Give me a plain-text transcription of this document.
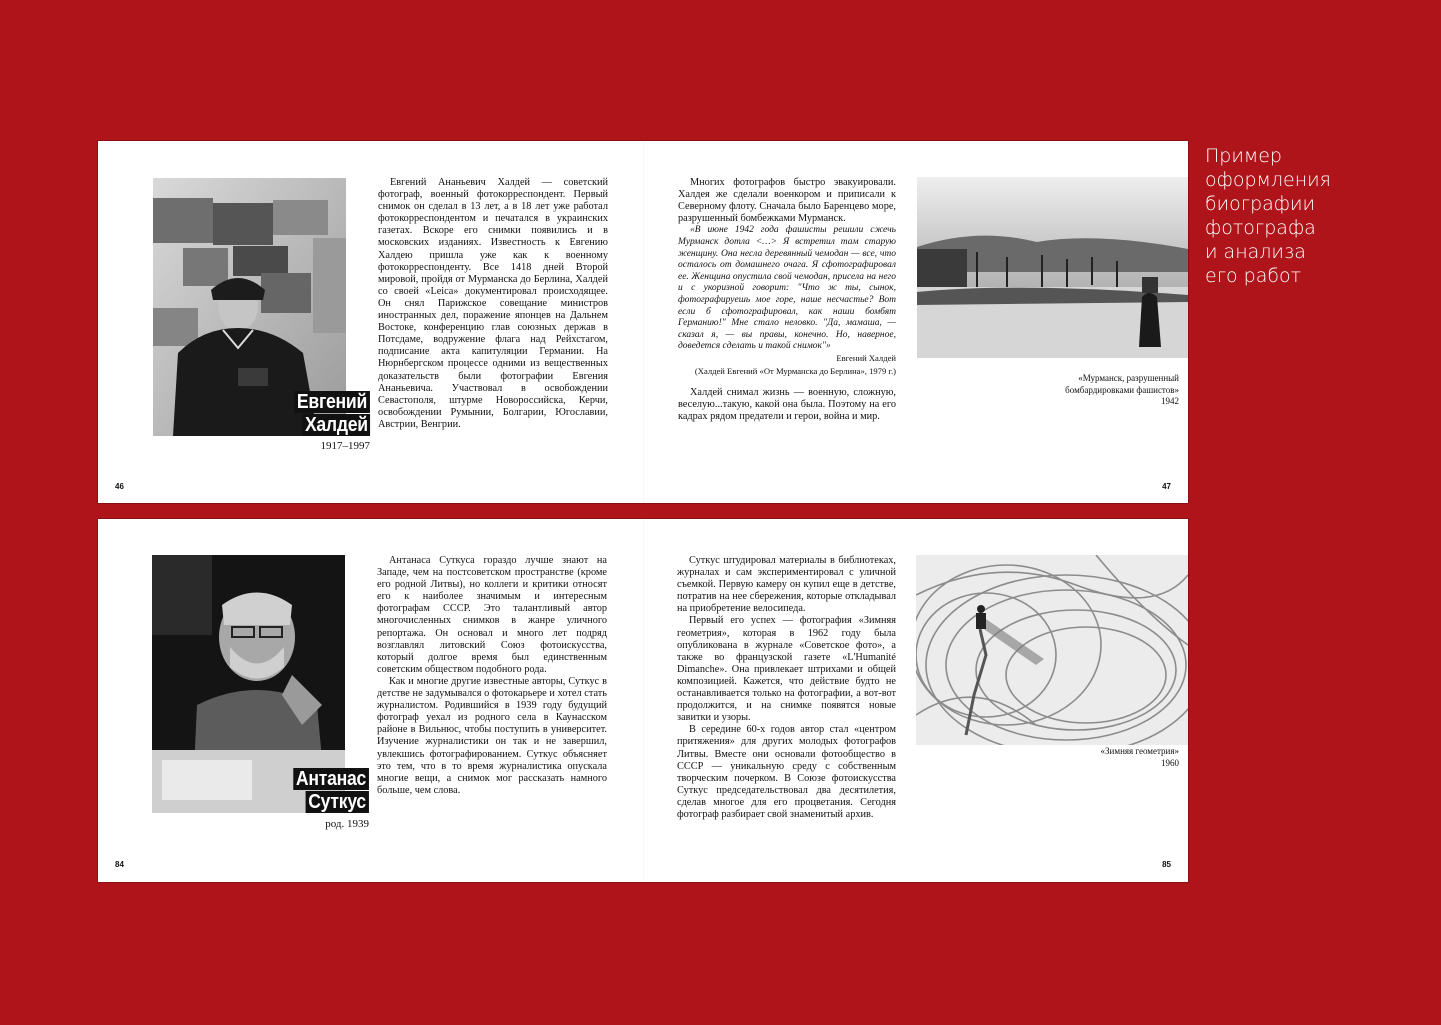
Пример
оформления
биографии
фотографа
и анализа
его работ
Евгений
Халдей
1917–1997

Евгений Ананьевич Халдей — советский фотограф, военный фотокорреспондент. Первый снимок он сделал в 13 лет, а в 18 лет уже работал фотокорреспондентом и печатался в украинских газетах. Вскоре его снимки появились и в московских изданиях. Известность к Евгению Халдею пришла уже как к военному фотокорреспонденту. Все 1418 дней Второй мировой, пройдя от Мурманска до Берлина, Халдей со своей «Leica» документировал происходящее. Он снял Парижское совещание министров иностранных дел, поражение японцев на Дальнем Востоке, конференцию глав союзных держав в Потсдаме, водружение флага над Рейхстагом, подписание акта капитуляции Германии. На Нюрнбергском процессе одними из вещественных доказательств были фотографии Евгения Ананьевича. Участвовал в освобождении Севастополя, штурме Новороссийска, Керчи, освобождении Румынии, Болгарии, Югославии, Австрии, Венгрии.

Многих фотографов быстро эвакуировали. Халдея же сделали военкором и приписали к Северному флоту. Сначала было Баренцево море, разрушенный бомбежками Мурманск.

«В июне 1942 года фашисты решили сжечь Мурманск дотла <…> Я встретил там старую женщину. Она несла деревянный чемодан — все, что осталось от домашнего очага. Я сфотографировал ее. Женщина опустила свой чемодан, присела на него и с укоризной говорит: "Что ж ты, сынок, фотографируешь мое горе, наше несчастье? Вот если б сфотографировал, как наши бомбят Германию!" Мне стало неловко. "Да, мамаша, — сказал я, — вы правы, конечно. Но, наверное, доведется сделать и такой снимок"»

Евгений Халдей

(Халдей Евгений «От Мурманска до Берлина», 1979 г.)

Халдей снимал жизнь — военную, сложную, веселую...такую, какой она была. Поэтому на его кадрах рядом предатели и герои, война и мир.

«Мурманск, разрушенный
бомбардировками фашистов»
1942
46	47
Антанас
Суткус
род. 1939

Антанаса Суткуса гораздо лучше знают на Западе, чем на постсоветском пространстве (кроме его родной Литвы), но коллеги и критики относят его к наиболее значимым и интересным фотографам СССР. Это талантливый автор многочисленных снимков в жанре уличного репортажа. Он основал и много лет подряд возглавлял литовский Союз фотоискусства, который долгое время был единственным советским обществом подобного рода.

Как и многие другие известные авторы, Суткус в детстве не задумывался о фотокарьере и хотел стать журналистом. Родившийся в 1939 году будущий фотограф уехал из родного села в Каунасском районе в Вильнюс, чтобы поступить в университет. Изучение журналистики он так и не завершил, увлекшись фотографированием. Суткус объясняет это тем, что в то время журналистика опускала многие вещи, а снимок мог рассказать намного больше, чем слова.

Суткус штудировал материалы в библиотеках, журналах и сам экспериментировал с уличной съемкой. Первую камеру он купил еще в детстве, потратив на нее сбережения, которые откладывал на приобретение велосипеда.

Первый его успех — фотография «Зимняя геометрия», которая в 1962 году была опубликована в журнале «Советское фото», а также во французской газете «L'Humanité Dimanche». Она привлекает штрихами и общей композицией. Кажется, что действие будто не останавливается только на фотографии, а вот-вот продолжится, и на снимке появятся новые завитки и узоры.

В середине 60-х годов автор стал «центром притяжения» для других молодых фотографов Литвы. Вместе они основали фотообщество в СССР — уникальную среду с собственным творческим почерком. В Союзе фотоискусства Суткус председательствовал два десятилетия, сделав многое для его процветания. Сегодня фотограф разбирает свой знаменитый архив.

«Зимняя геометрия»
1960
84	85
